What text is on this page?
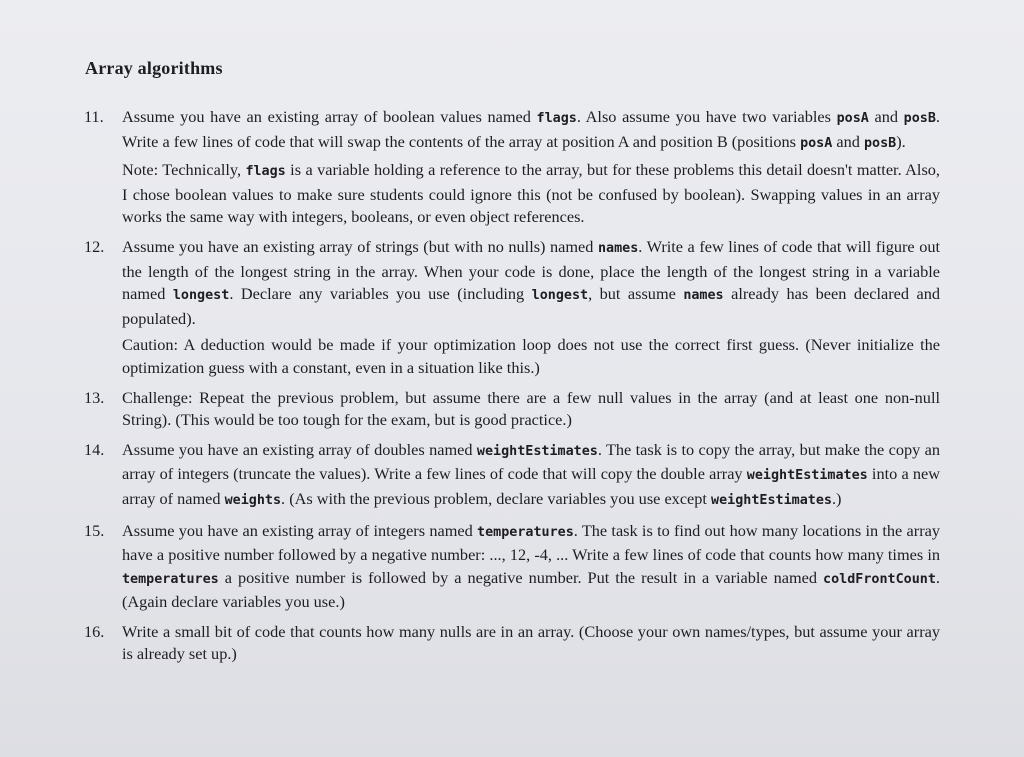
Array algorithms
11. Assume you have an existing array of boolean values named flags. Also assume you have two variables posA and posB. Write a few lines of code that will swap the contents of the array at position A and position B (positions posA and posB).

Note: Technically, flags is a variable holding a reference to the array, but for these problems this detail doesn't matter. Also, I chose boolean values to make sure students could ignore this (not be confused by boolean). Swapping values in an array works the same way with integers, booleans, or even object references.

12. Assume you have an existing array of strings (but with no nulls) named names. Write a few lines of code that will figure out the length of the longest string in the array. When your code is done, place the length of the longest string in a variable named longest. Declare any variables you use (including longest, but assume names already has been declared and populated).

Caution: A deduction would be made if your optimization loop does not use the correct first guess. (Never initialize the optimization guess with a constant, even in a situation like this.)

13. Challenge: Repeat the previous problem, but assume there are a few null values in the array (and at least one non-null String). (This would be too tough for the exam, but is good practice.)

14. Assume you have an existing array of doubles named weightEstimates. The task is to copy the array, but make the copy an array of integers (truncate the values). Write a few lines of code that will copy the double array weightEstimates into a new array of named weights. (As with the previous problem, declare variables you use except weightEstimates.)

15. Assume you have an existing array of integers named temperatures. The task is to find out how many locations in the array have a positive number followed by a negative number: ..., 12, -4, ... Write a few lines of code that counts how many times in temperatures a positive number is followed by a negative number. Put the result in a variable named coldFrontCount. (Again declare variables you use.)

16. Write a small bit of code that counts how many nulls are in an array. (Choose your own names/types, but assume your array is already set up.)
